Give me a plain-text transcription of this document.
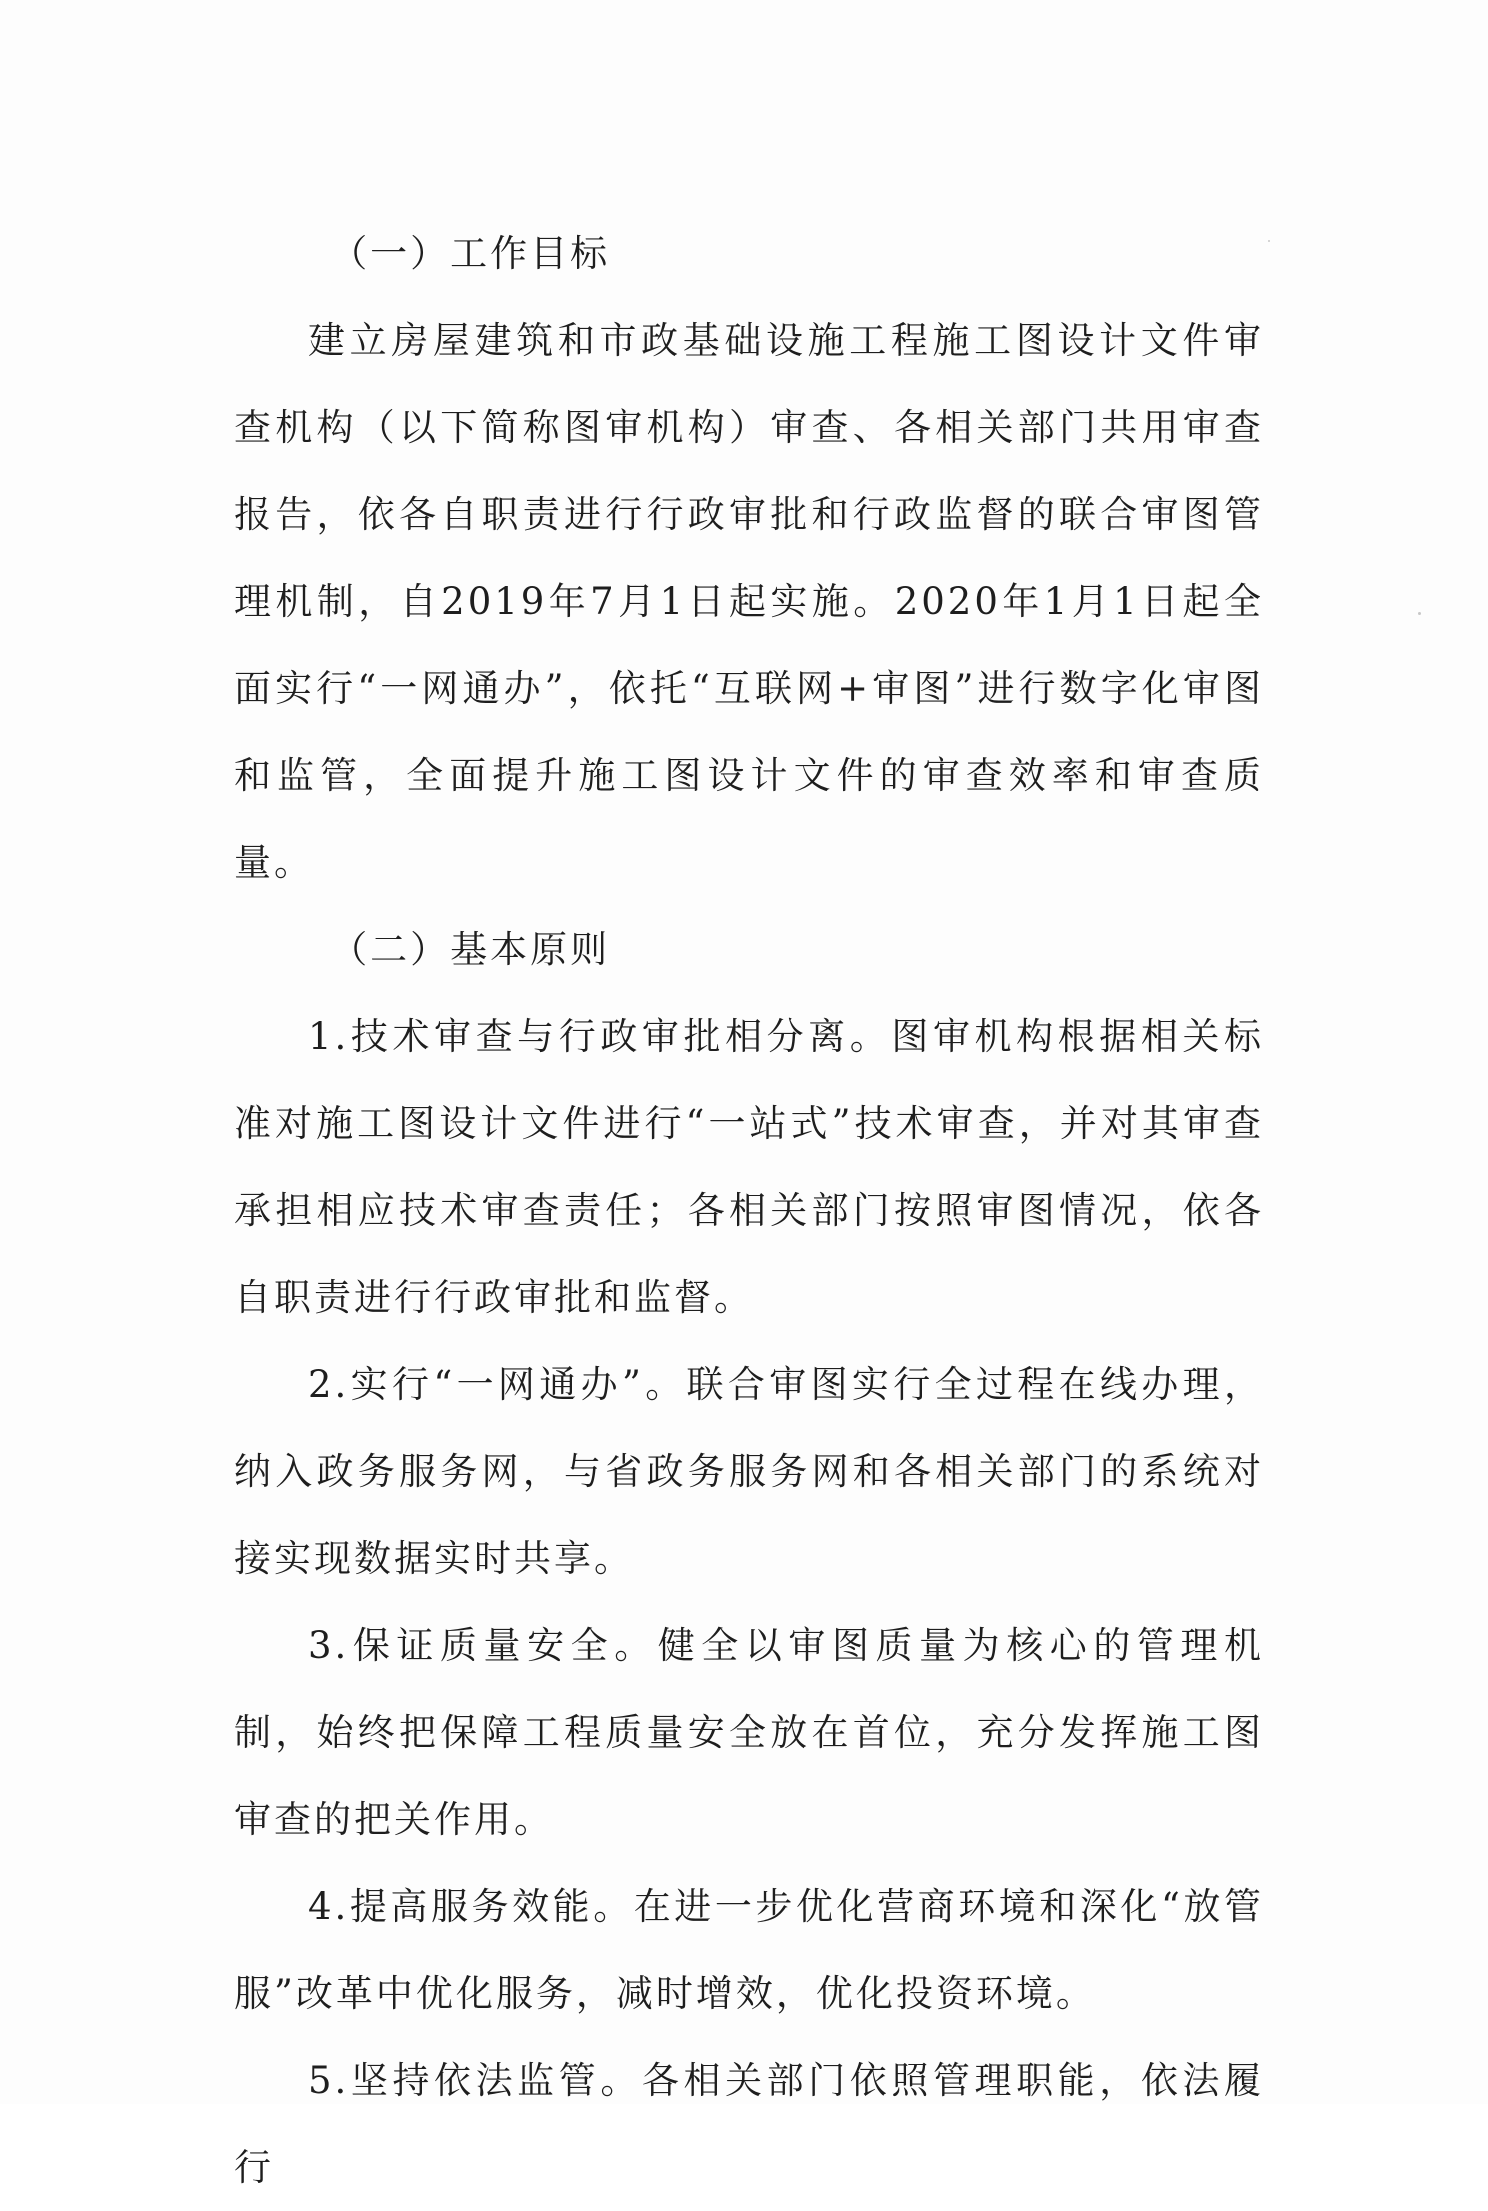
（一）工作目标

建立房屋建筑和市政基础设施工程施工图设计文件审查机构（以下简称图审机构）审查、各相关部门共用审查报告，依各自职责进行行政审批和行政监督的联合审图管理机制，自2019年7月1日起实施。2020年1月1日起全面实行“一网通办”，依托“互联网+审图”进行数字化审图和监管，全面提升施工图设计文件的审查效率和审查质量。

（二）基本原则

1.技术审查与行政审批相分离。图审机构根据相关标准对施工图设计文件进行“一站式”技术审查，并对其审查承担相应技术审查责任；各相关部门按照审图情况，依各自职责进行行政审批和监督。

2.实行“一网通办”。联合审图实行全过程在线办理，纳入政务服务网，与省政务服务网和各相关部门的系统对接实现数据实时共享。

3.保证质量安全。健全以审图质量为核心的管理机制，始终把保障工程质量安全放在首位，充分发挥施工图审查的把关作用。

4.提高服务效能。在进一步优化营商环境和深化“放管服”改革中优化服务，减时增效，优化投资环境。

5.坚持依法监管。各相关部门依照管理职能，依法履行
